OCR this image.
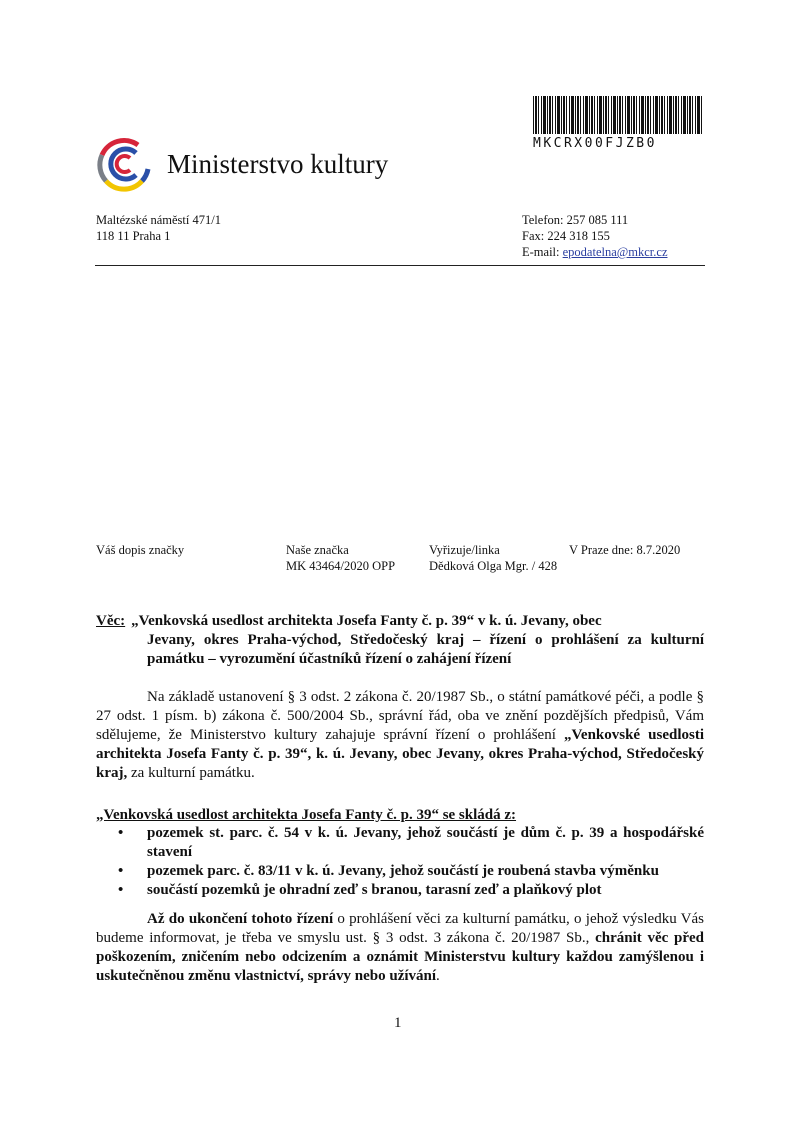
MKCRX00FJZB0
Ministerstvo kultury
Maltézské náměstí 471/1
118 11 Praha 1
Telefon: 257 085 111
Fax: 224 318 155
E-mail: epodatelna@mkcr.cz
Váš dopis značky	Naše značka
MK 43464/2020 OPP
Vyřizuje/linka
Dědková Olga Mgr. / 428
V Praze dne: 8.7.2020
Věc: „Venkovská usedlost architekta Josefa Fanty č. p. 39“ v k. ú. Jevany, obec
Jevany, okres Praha-východ, Středočeský kraj – řízení o prohlášení za kulturní památku – vyrozumění účastníků řízení o zahájení řízení
Na základě ustanovení § 3 odst. 2 zákona č. 20/1987 Sb., o státní památkové péči, a podle § 27 odst. 1 písm. b) zákona č. 500/2004 Sb., správní řád, oba ve znění pozdějších předpisů, Vám sdělujeme, že Ministerstvo kultury zahajuje správní řízení o prohlášení „Venkovské usedlosti architekta Josefa Fanty č. p. 39“, k. ú. Jevany, obec Jevany, okres Praha-východ, Středočeský kraj, za kulturní památku.
„Venkovská usedlost architekta Josefa Fanty č. p. 39“ se skládá z:
• pozemek st. parc. č. 54 v k. ú. Jevany, jehož součástí je dům č. p. 39 a hospodářské stavení
• pozemek parc. č. 83/11 v k. ú. Jevany, jehož součástí je roubená stavba výměnku
• součástí pozemků je ohradní zeď s branou, tarasní zeď a plaňkový plot
Až do ukončení tohoto řízení o prohlášení věci za kulturní památku, o jehož výsledku Vás budeme informovat, je třeba ve smyslu ust. § 3 odst. 3 zákona č. 20/1987 Sb., chránit věc před poškozením, zničením nebo odcizením a oznámit Ministerstvu kultury každou zamýšlenou i uskutečněnou změnu vlastnictví, správy nebo užívání.
1
